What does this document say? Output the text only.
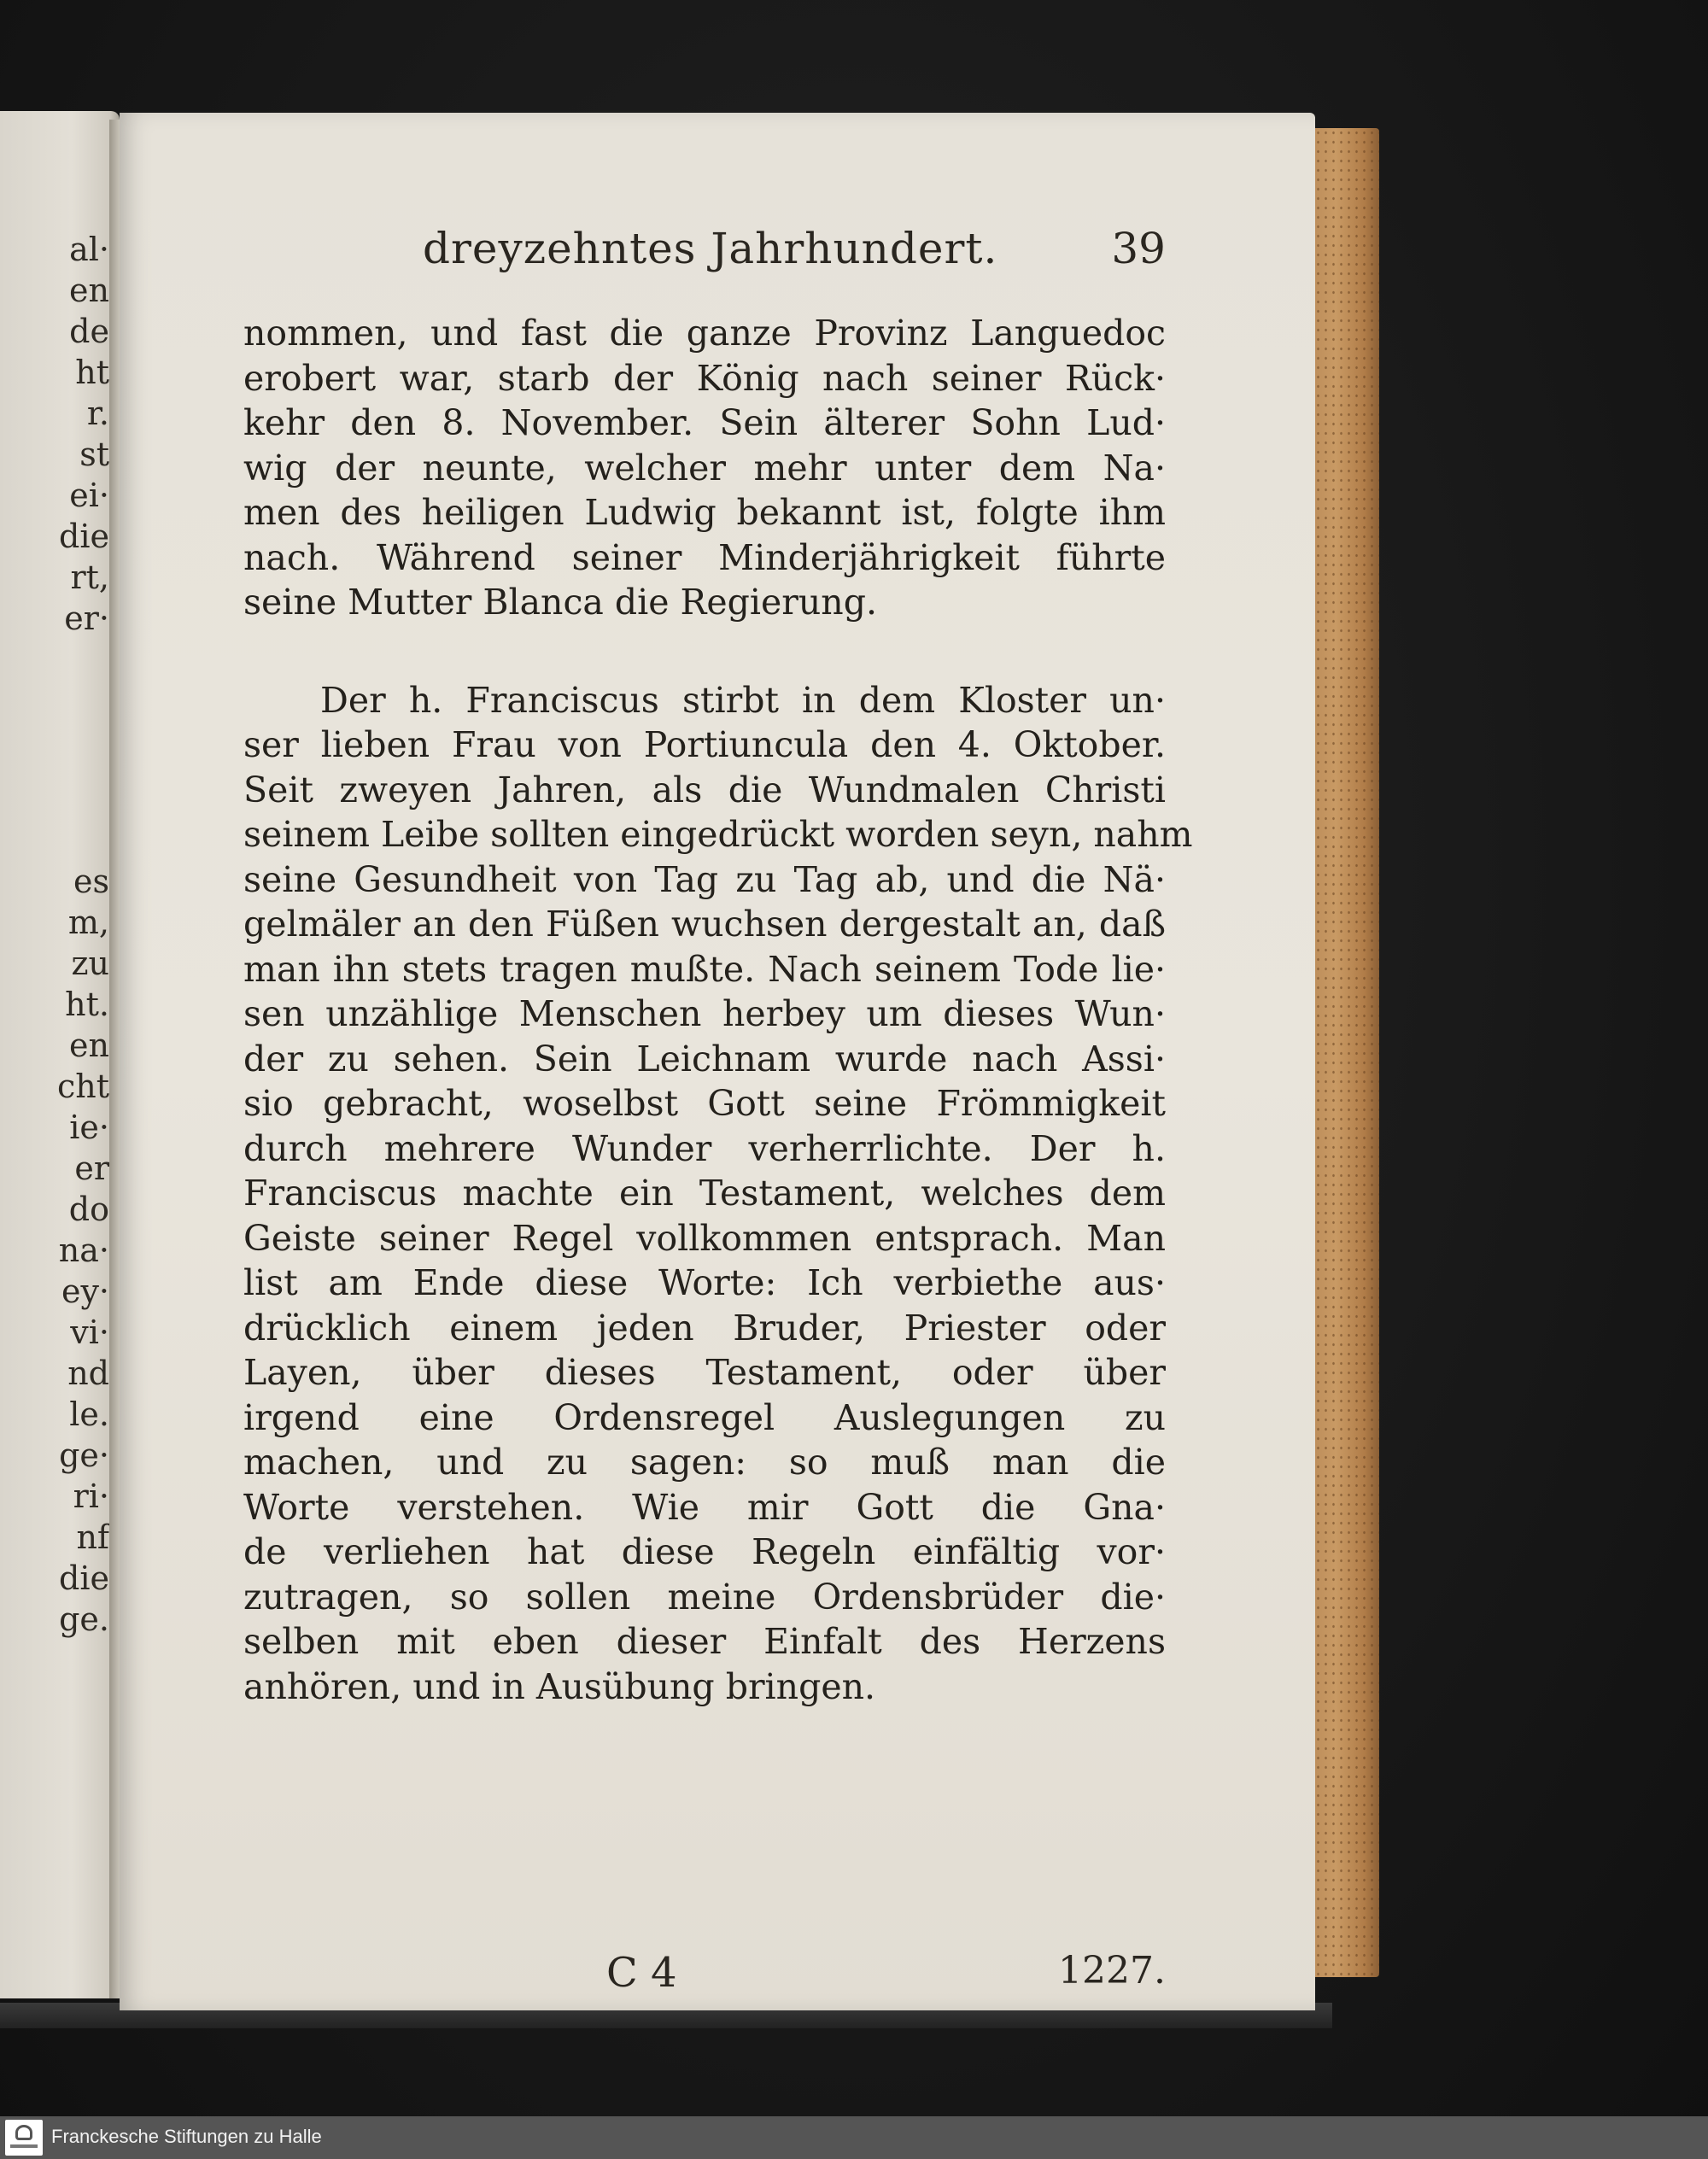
al·
en
de
ht
r.
st
ei·
die
rt,
er·
es
m,
zu
ht.
en
cht
ie·
er
do
na·
ey·
vi·
nd
le.
ge·
ri·
nf
die
ge.
dreyzehntes Jahrhundert.	39
nommen, und fast die ganze Provinz Languedoc
erobert war, starb der König nach seiner Rück·
kehr den 8. November. Sein älterer Sohn Lud·
wig der neunte, welcher mehr unter dem Na·
men des heiligen Ludwig bekannt ist, folgte ihm
nach. Während seiner Minderjährigkeit führte
seine Mutter Blanca die Regierung.
Der h. Franciscus stirbt in dem Kloster un·
ser lieben Frau von Portiuncula den 4. Oktober.
Seit zweyen Jahren, als die Wundmalen Christi
seinem Leibe sollten eingedrückt worden seyn, nahm
seine Gesundheit von Tag zu Tag ab, und die Nä·
gelmäler an den Füßen wuchsen dergestalt an, daß
man ihn stets tragen mußte. Nach seinem Tode lie·
sen unzählige Menschen herbey um dieses Wun·
der zu sehen. Sein Leichnam wurde nach Assi·
sio gebracht, woselbst Gott seine Frömmigkeit
durch mehrere Wunder verherrlichte. Der h.
Franciscus machte ein Testament, welches dem
Geiste seiner Regel vollkommen entsprach. Man
list am Ende diese Worte: Ich verbiethe aus·
drücklich einem jeden Bruder, Priester oder
Layen, über dieses Testament, oder über
irgend eine Ordensregel Auslegungen zu
machen, und zu sagen: so muß man die
Worte verstehen. Wie mir Gott die Gna·
de verliehen hat diese Regeln einfältig vor·
zutragen, so sollen meine Ordensbrüder die·
selben mit eben dieser Einfalt des Herzens
anhören, und in Ausübung bringen.
C 4	1227.
Franckesche Stiftungen zu Halle
